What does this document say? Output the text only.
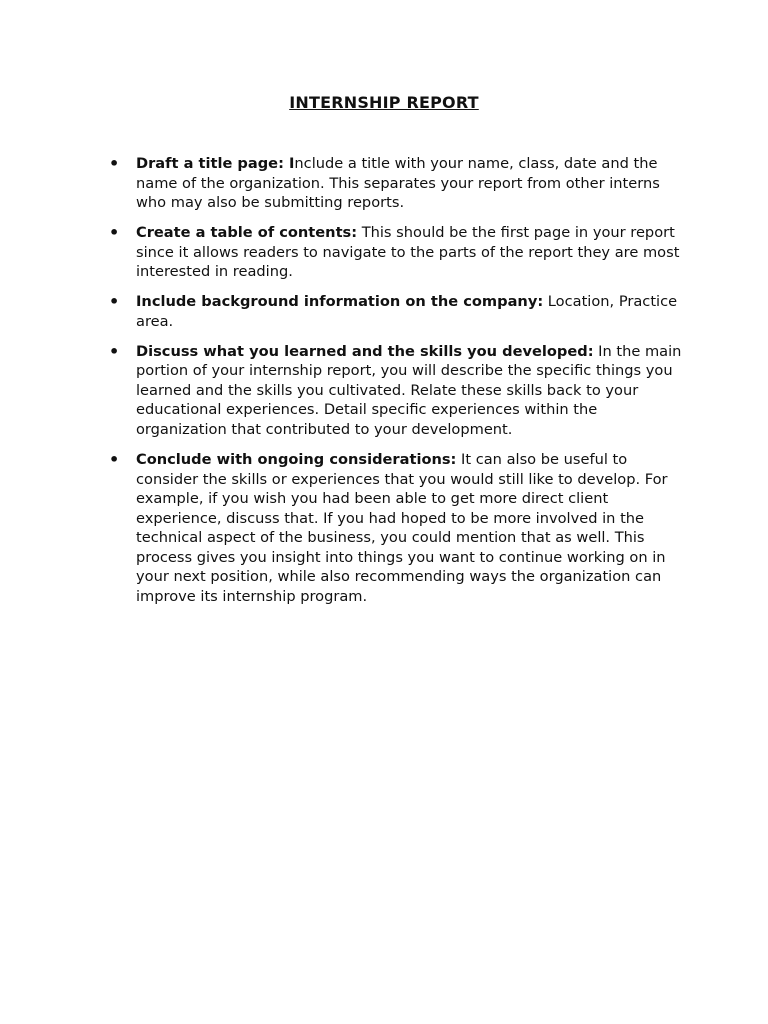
INTERNSHIP REPORT
• Draft a title page: Include a title with your name, class, date and the name of the organization. This separates your report from other interns who may also be submitting reports.
• Create a table of contents: This should be the first page in your report since it allows readers to navigate to the parts of the report they are most interested in reading.
• Include background information on the company: Location, Practice area.
• Discuss what you learned and the skills you developed: In the main portion of your internship report, you will describe the specific things you learned and the skills you cultivated. Relate these skills back to your educational experiences. Detail specific experiences within the organization that contributed to your development.
• Conclude with ongoing considerations: It can also be useful to consider the skills or experiences that you would still like to develop. For example, if you wish you had been able to get more direct client experience, discuss that. If you had hoped to be more involved in the technical aspect of the business, you could mention that as well. This process gives you insight into things you want to continue working on in your next position, while also recommending ways the organization can improve its internship program.
